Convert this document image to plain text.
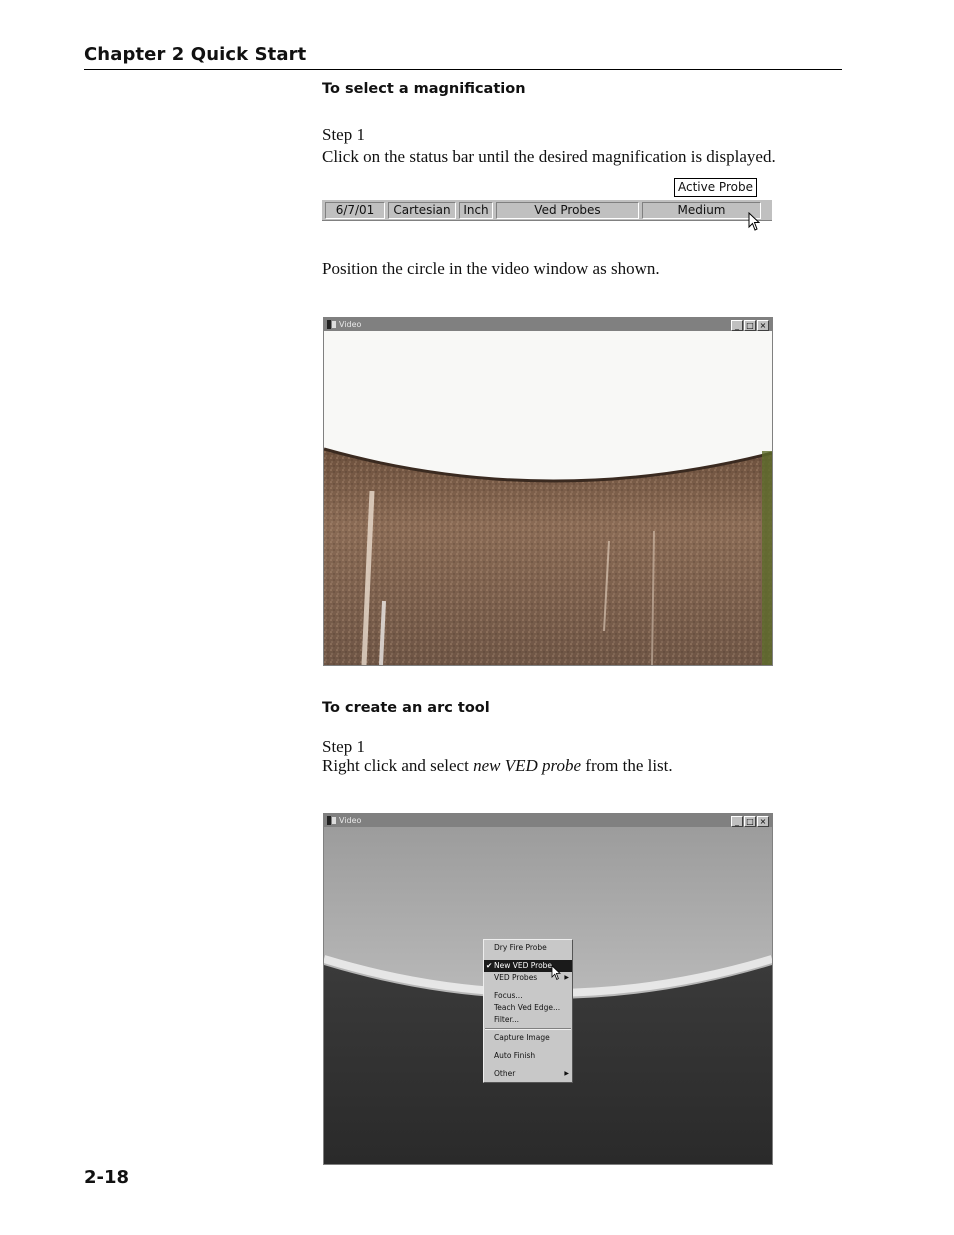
Chapter 2 Quick Start
To select a magnification
Step 1
Click on the status bar until the desired magnification is displayed.
Active Probe
6/7/01	Cartesian	Inch	Ved Probes	Medium
Position the circle in the video window as shown.
Video	_ □ ×
To create an arc tool
Step 1
Right click and select new VED probe from the list.
Video	_ □ ×
Dry Fire Probe
✔ New VED Probe
VED Probes	▶
Focus...
Teach Ved Edge...
Filter...
Capture Image
Auto Finish
Other	▶
2-18
